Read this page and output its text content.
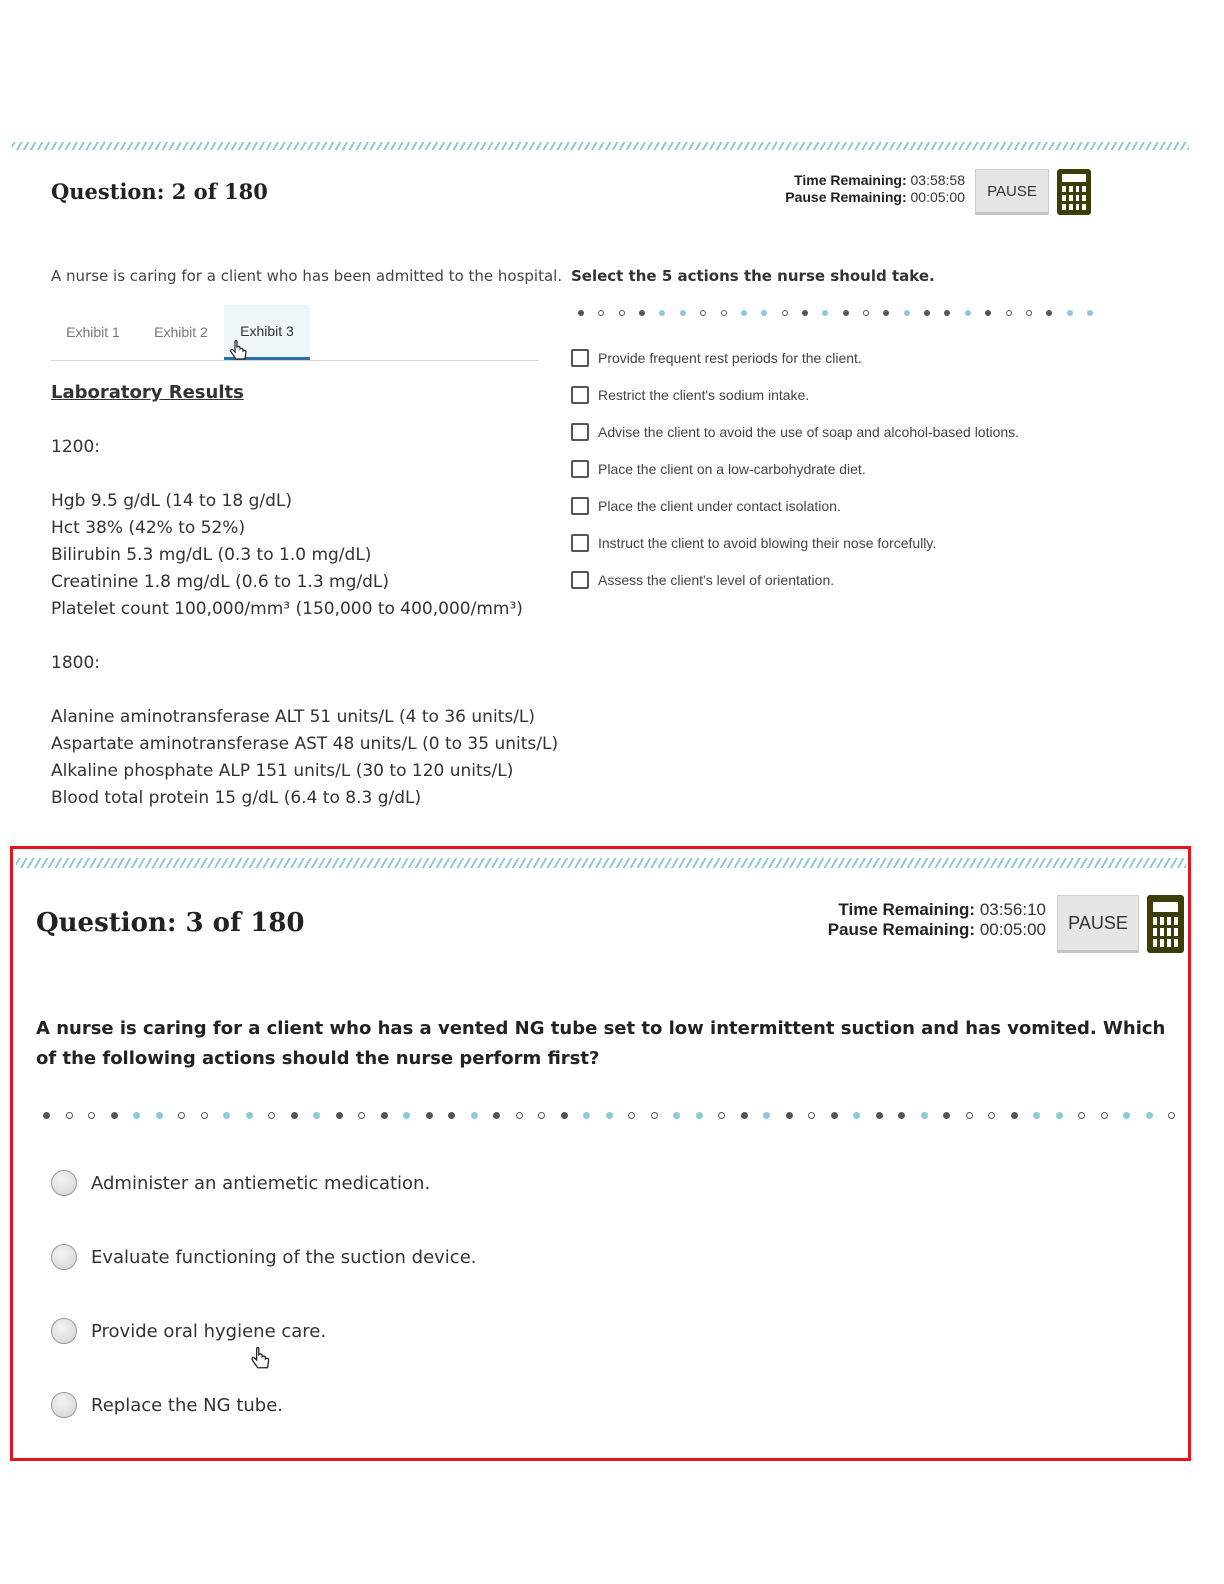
Question: 2 of 180	Time Remaining: 03:58:58
Pause Remaining: 00:05:00	PAUSE
A nurse is caring for a client who has been admitted to the hospital.
Exhibit 1	Exhibit 2	Exhibit 3
Laboratory Results
1200:
Hgb 9.5 g/dL (14 to 18 g/dL)
Hct 38% (42% to 52%)
Bilirubin 5.3 mg/dL (0.3 to 1.0 mg/dL)
Creatinine 1.8 mg/dL (0.6 to 1.3 mg/dL)
Platelet count 100,000/mm³ (150,000 to 400,000/mm³)
1800:
Alanine aminotransferase ALT 51 units/L (4 to 36 units/L)
Aspartate aminotransferase AST 48 units/L (0 to 35 units/L)
Alkaline phosphate ALP 151 units/L (30 to 120 units/L)
Blood total protein 15 g/dL (6.4 to 8.3 g/dL)
Select the 5 actions the nurse should take.
Provide frequent rest periods for the client.
Restrict the client's sodium intake.
Advise the client to avoid the use of soap and alcohol-based lotions.
Place the client on a low-carbohydrate diet.
Place the client under contact isolation.
Instruct the client to avoid blowing their nose forcefully.
Assess the client's level of orientation.
Question: 3 of 180	Time Remaining: 03:56:10
Pause Remaining: 00:05:00	PAUSE
A nurse is caring for a client who has a vented NG tube set to low intermittent suction and has vomited. Which of the following actions should the nurse perform first?
Administer an antiemetic medication.
Evaluate functioning of the suction device.
Provide oral hygiene care.
Replace the NG tube.
